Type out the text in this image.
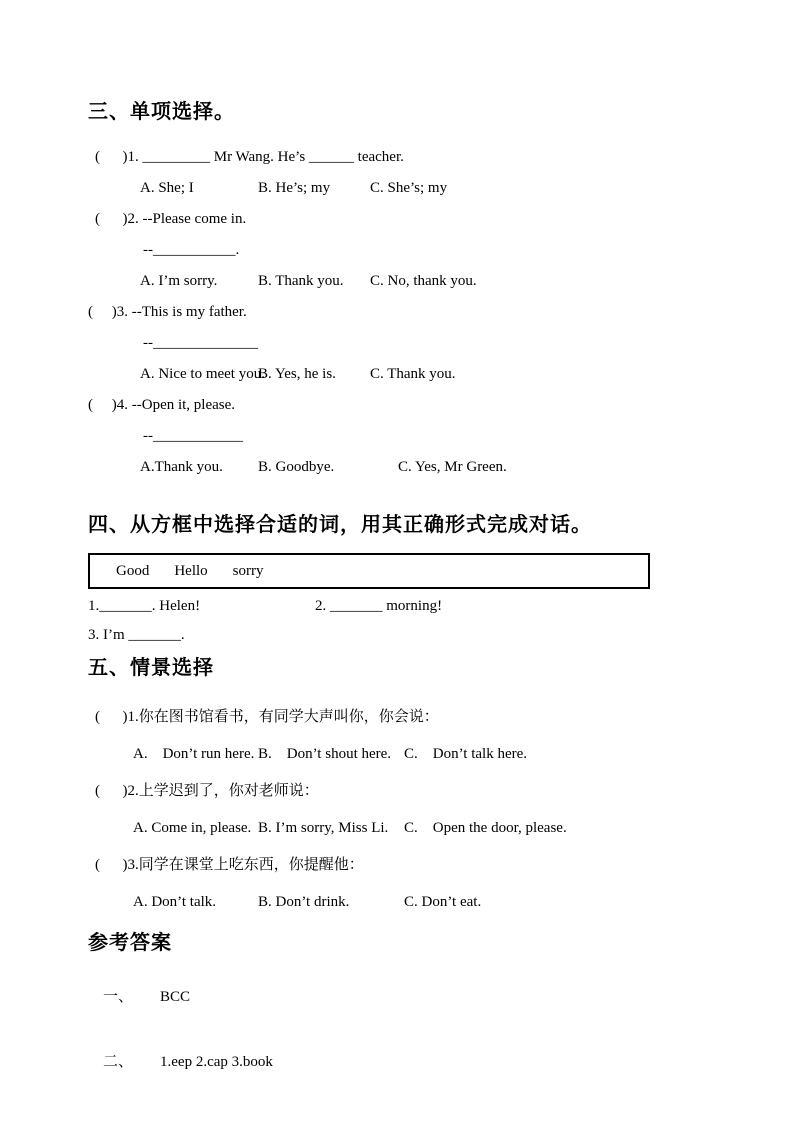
三、单项选择。
(      )1. _________ Mr Wang. He’s ______ teacher.
A. She; I	B. He’s; my	C. She’s; my
(      )2. --Please come in.
--___________.
A. I’m sorry.	B. Thank you.	C. No, thank you.
(     )3. --This is my father.
--______________
A. Nice to meet you.
B. Yes, he is.	C. Thank you.
(     )4. --Open it, please.
--____________
A.Thank you.	B. Goodbye.	C. Yes, Mr Green.
四、从方框中选择合适的词，用其正确形式完成对话。
Good Hello sorry
1._______. Helen!	2. _______ morning!
3. I’m _______.
五、情景选择
(      )1.你在图书馆看书，有同学大声叫你，你会说：
A.    Don’t run here. B.    Don’t shout here. C.    Don’t talk here.
(      )2.上学迟到了，你对老师说：
A. Come in, please. B. I’m sorry, Miss Li.	C.    Open the door, please.
(      )3.同学在课堂上吃东西，你提醒他：
A. Don’t talk.	B. Don’t drink.	C. Don’t eat.
参考答案

一、 BCC

二、 1.eep 2.cap 3.book
